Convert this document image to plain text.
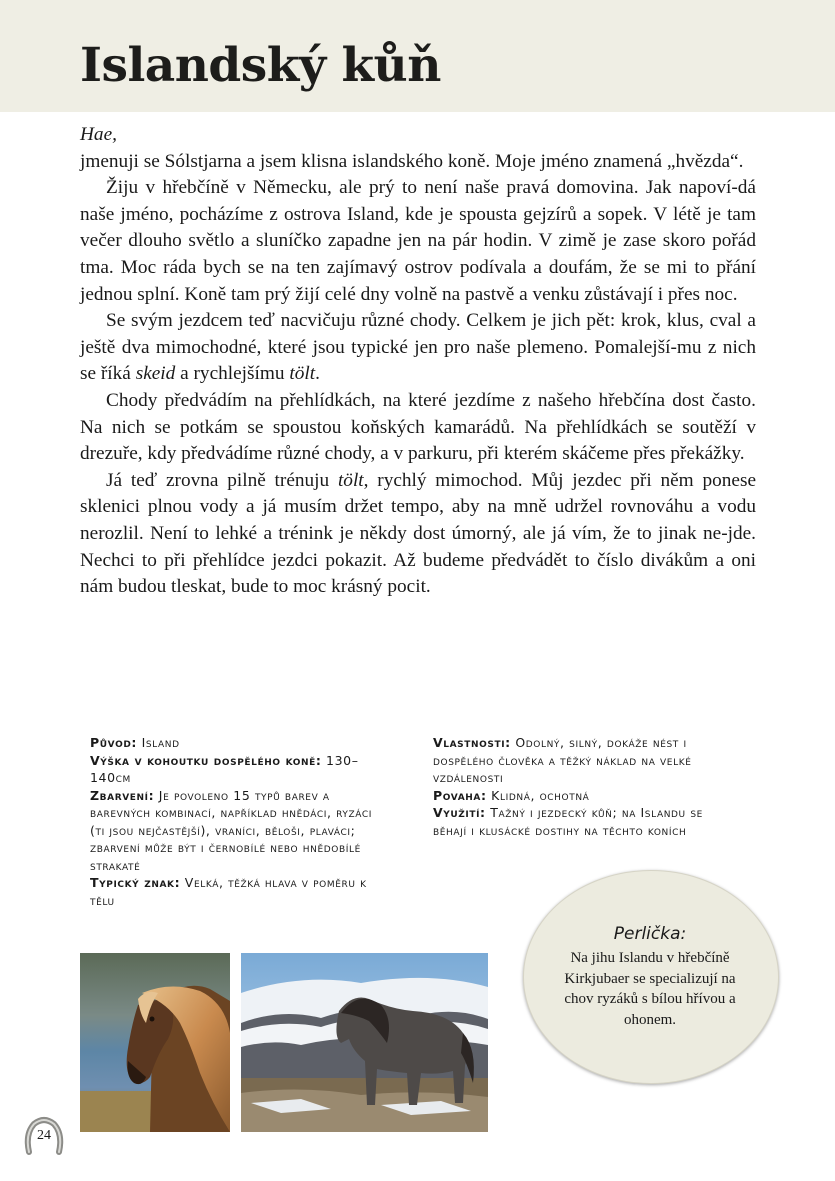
Islandský kůň

Hae,

jmenuji se Sólstjarna a jsem klisna islandského koně. Moje jméno znamená „hvězda“.

Žiju v hřebčíně v Německu, ale prý to není naše pravá domovina. Jak napoví-dá naše jméno, pocházíme z ostrova Island, kde je spousta gejzírů a sopek. V létě je tam večer dlouho světlo a sluníčko zapadne jen na pár hodin. V zimě je zase skoro pořád tma. Moc ráda bych se na ten zajímavý ostrov podívala a doufám, že se mi to přání jednou splní. Koně tam prý žijí celé dny volně na pastvě a venku zůstávají i přes noc.

Se svým jezdcem teď nacvičuju různé chody. Celkem je jich pět: krok, klus, cval a ještě dva mimochodné, které jsou typické jen pro naše plemeno. Pomalejší-mu z nich se říká skeid a rychlejšímu tölt.

Chody předvádím na přehlídkách, na které jezdíme z našeho hřebčína dost často. Na nich se potkám se spoustou koňských kamarádů. Na přehlídkách se soutěží v drezuře, kdy předvádíme různé chody, a v parkuru, při kterém skáčeme přes překážky.

Já teď zrovna pilně trénuju tölt, rychlý mimochod. Můj jezdec při něm ponese sklenici plnou vody a já musím držet tempo, aby na mně udržel rovnováhu a vodu nerozlil. Není to lehké a trénink je někdy dost úmorný, ale já vím, že to jinak ne-jde. Nechci to při přehlídce jezdci pokazit. Až budeme předvádět to číslo divákům a oni nám budou tleskat, bude to moc krásný pocit.

Původ: Island

Výška v kohoutku dospělého koně: 130–140cm

Zbarvení: Je povoleno 15 typů barev a barevných kombinací, například hnědáci, ryzáci (ti jsou nejčastější), vraníci, běloši, plaváci; zbarvení může být i černobílé nebo hnědobílé strakaté

Typický znak: Velká, těžká hlava v poměru k tělu

Vlastnosti: Odolný, silný, dokáže nést i dospělého člověka a těžký náklad na velké vzdálenosti

Povaha: Klidná, ochotná

Využití: Tažný i jezdecký kůň; na Islandu se běhají i klusácké dostihy na těchto koních

Perlička:
Na jihu Islandu v hřebčíně Kirkjubaer se specializují na chov ryzáků s bílou hřívou a ohonem.
24
